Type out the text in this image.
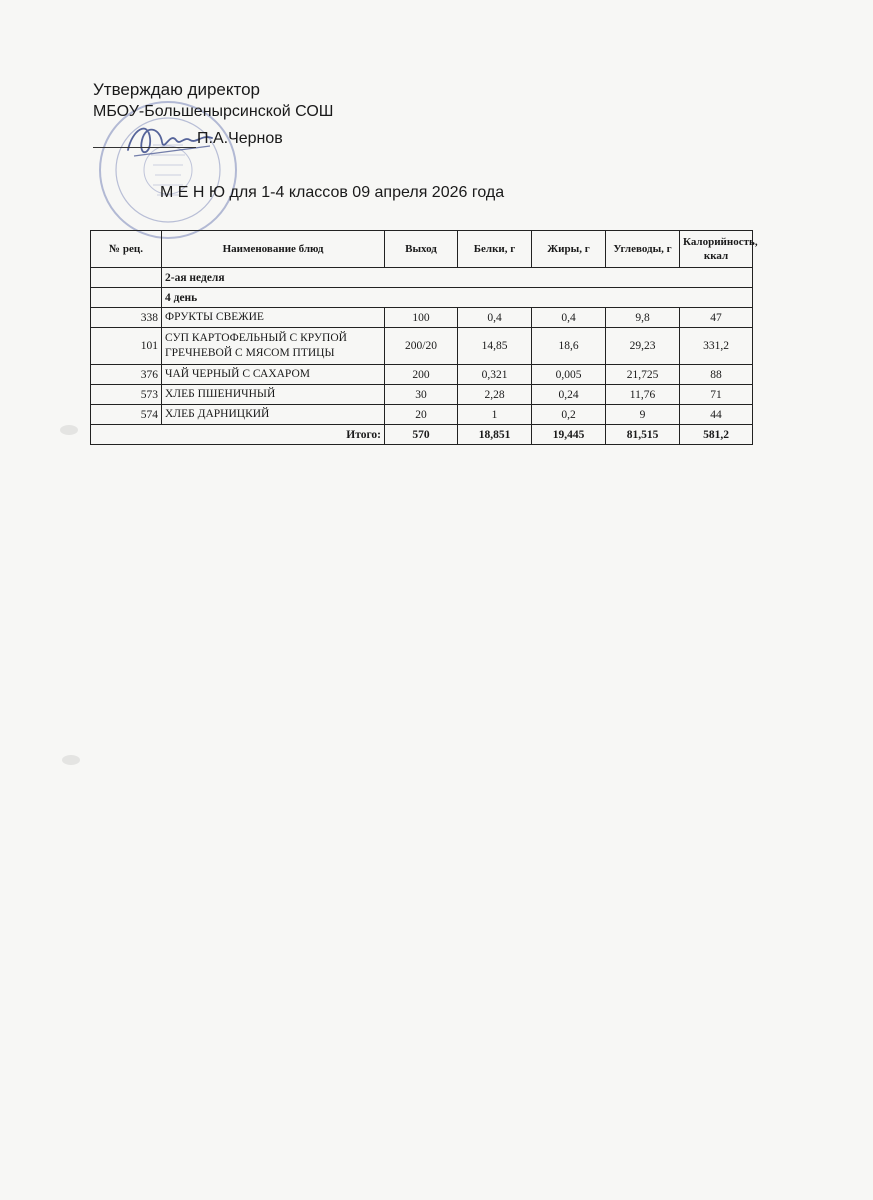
Утверждаю директор
МБОУ-Большеныpсинской СОШ
П.А.Чернов
М Е Н Ю для 1-4 классов 09 апреля 2026 года
№ рец.	Наименование блюд	Выход	Белки, г	Жиры, г	Углеводы, г	Калорийность, ккал
	2-ая неделя					
	4 день					
338	ФРУКТЫ СВЕЖИЕ	100	0,4	0,4	9,8	47
101	СУП КАРТОФЕЛЬНЫЙ С КРУПОЙ ГРЕЧНЕВОЙ С МЯСОМ ПТИЦЫ	200/20	14,85	18,6	29,23	331,2
376	ЧАЙ ЧЕРНЫЙ С САХАРОМ	200	0,321	0,005	21,725	88
573	ХЛЕБ ПШЕНИЧНЫЙ	30	2,28	0,24	11,76	71
574	ХЛЕБ ДАРНИЦКИЙ	20	1	0,2	9	44
	Итого:	570	18,851	19,445	81,515	581,2
